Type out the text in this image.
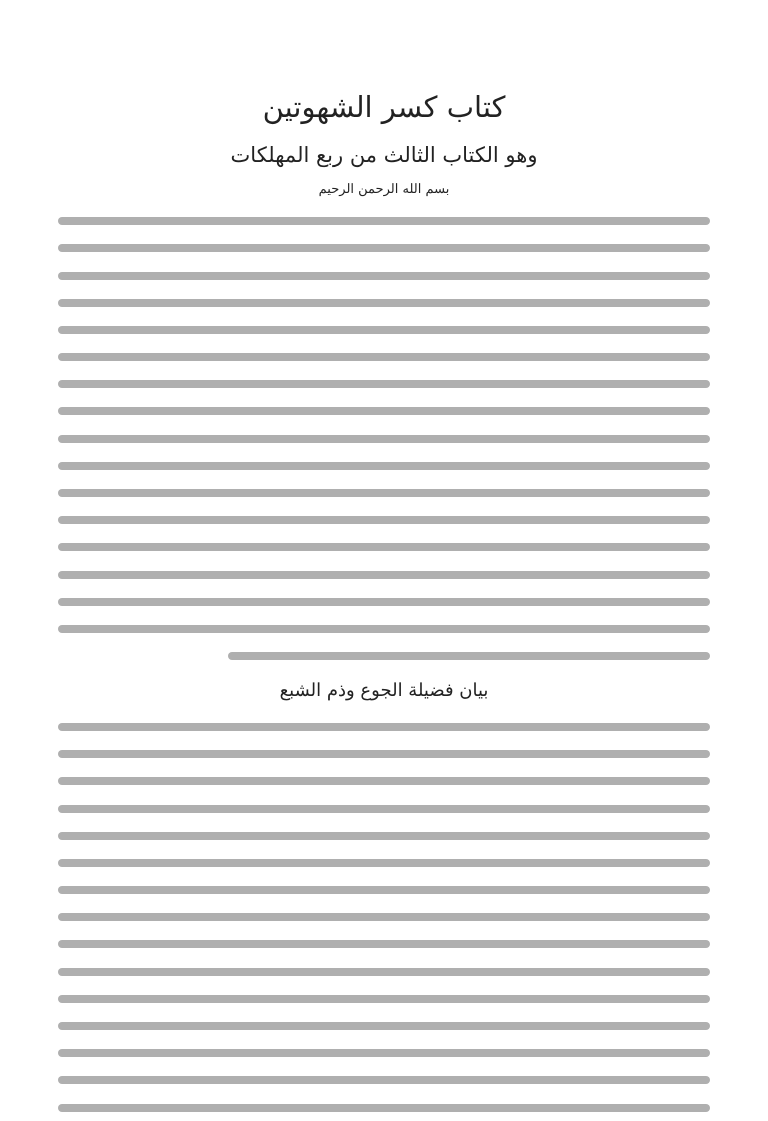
كتاب كسر الشهوتين
وهو الكتاب الثالث من ربع المهلكات
بسم الله الرحمن الرحيم
بيان فضيلة الجوع وذم الشبع
